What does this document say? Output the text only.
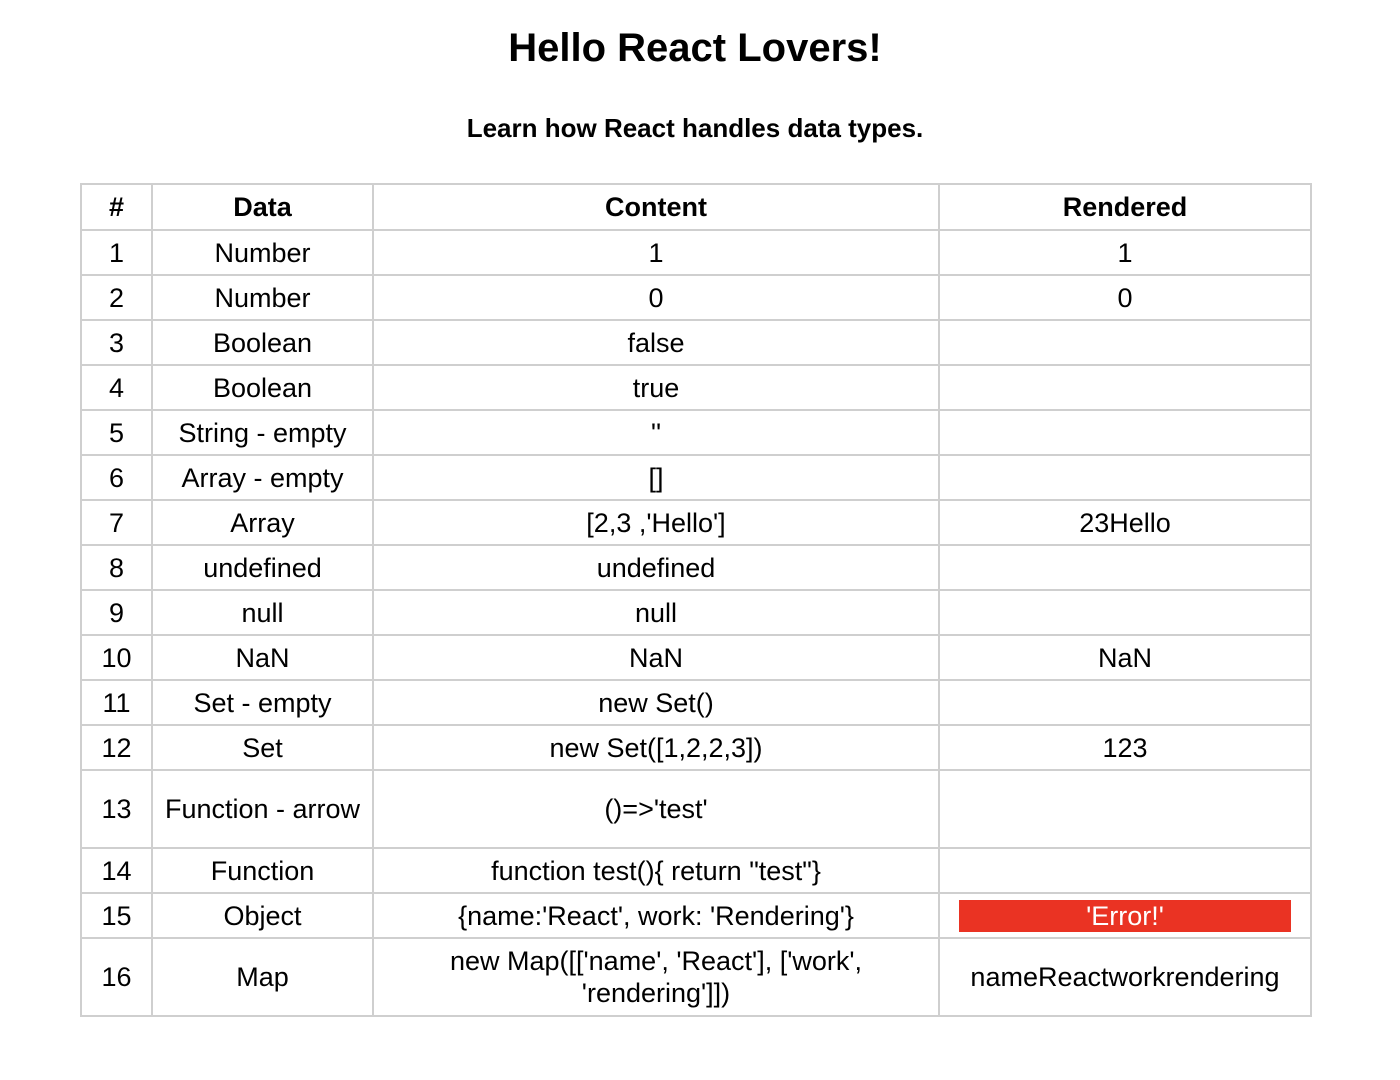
Hello React Lovers!
Learn how React handles data types.
#	Data	Content	Rendered
1	Number	1	1
2	Number	0	0
3	Boolean	false	
4	Boolean	true	
5	String - empty	''	
6	Array - empty	[]	
7	Array	[2,3 ,'Hello']	23Hello
8	undefined	undefined	
9	null	null	
10	NaN	NaN	NaN
11	Set - empty	new Set()	
12	Set	new Set([1,2,2,3])	123
13	Function - arrow	()=>'test'	
14	Function	function test(){ return "test"}	
15	Object	{name:'React', work: 'Rendering'}	'Error!'

16	Map	new Map([['name', 'React'], ['work', 'rendering']])	nameReactworkrendering
